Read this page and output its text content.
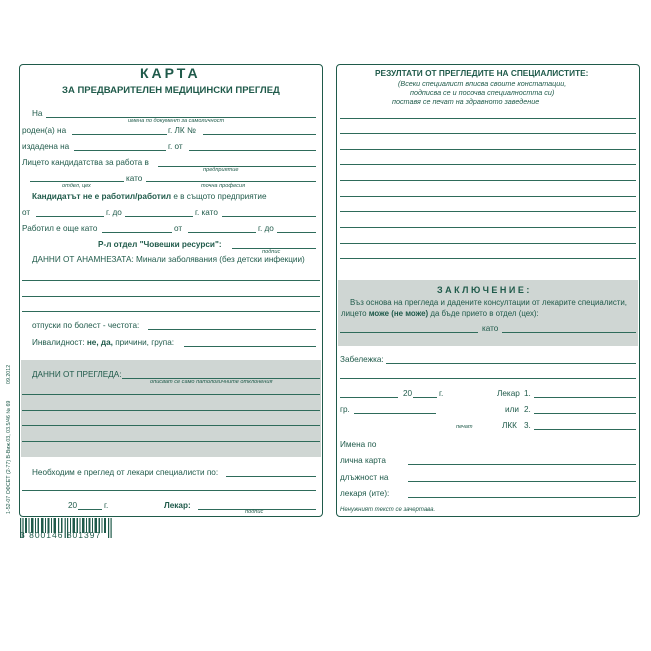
КАРТА
ЗА ПРЕДВАРИТЕЛЕН МЕДИЦИНСКИ ПРЕГЛЕД
На
имена по документ за самоличност
роден(а) на	г. ЛК №
издадена на	г. от
Лицето кандидатства за работа в
предприятие
като
отдел, цех	точна професия
Кандидатът не е работил/работил е в същото предприятие
от	г. до	г. като
Работил е още като	от	г. до
Р-л отдел "Човешки ресурси":
подпис
ДАННИ ОТ АНАМНЕЗАТА: Минали заболявания (без детски инфекции)
отпуски по болест - честота:
Инвалидност: не, да, причини, група:
ДАННИ ОТ ПРЕГЛЕДА:
описват се само патологичните отклонения
Необходим е преглед от лекари специалисти по:
20	г.	Лекар:
подпис
1-52-07 ОФСЕТ (2-77) В-Виж.03, 03.5/46 № 69
09.2012
3 800146 801397
РЕЗУЛТАТИ ОТ ПРЕГЛЕДИТЕ НА СПЕЦИАЛИСТИТЕ:
(Всеки специалист вписва своите констатации,
подписва се и посочва специалността си)
поставя се печат на здравното заведение
ЗАКЛЮЧЕНИЕ:
Въз основа на прегледа и дадените консултации от лекарите специалисти,
лицето може (не може) да бъде прието в отдел (цех):
като
Забележка:
20	г.	Лекар 1.
гр.	или 2.
печат	ЛКК 3.
Имена по
лична карта
длъжност на
лекаря (ите):
Ненужният текст се зачертава.
